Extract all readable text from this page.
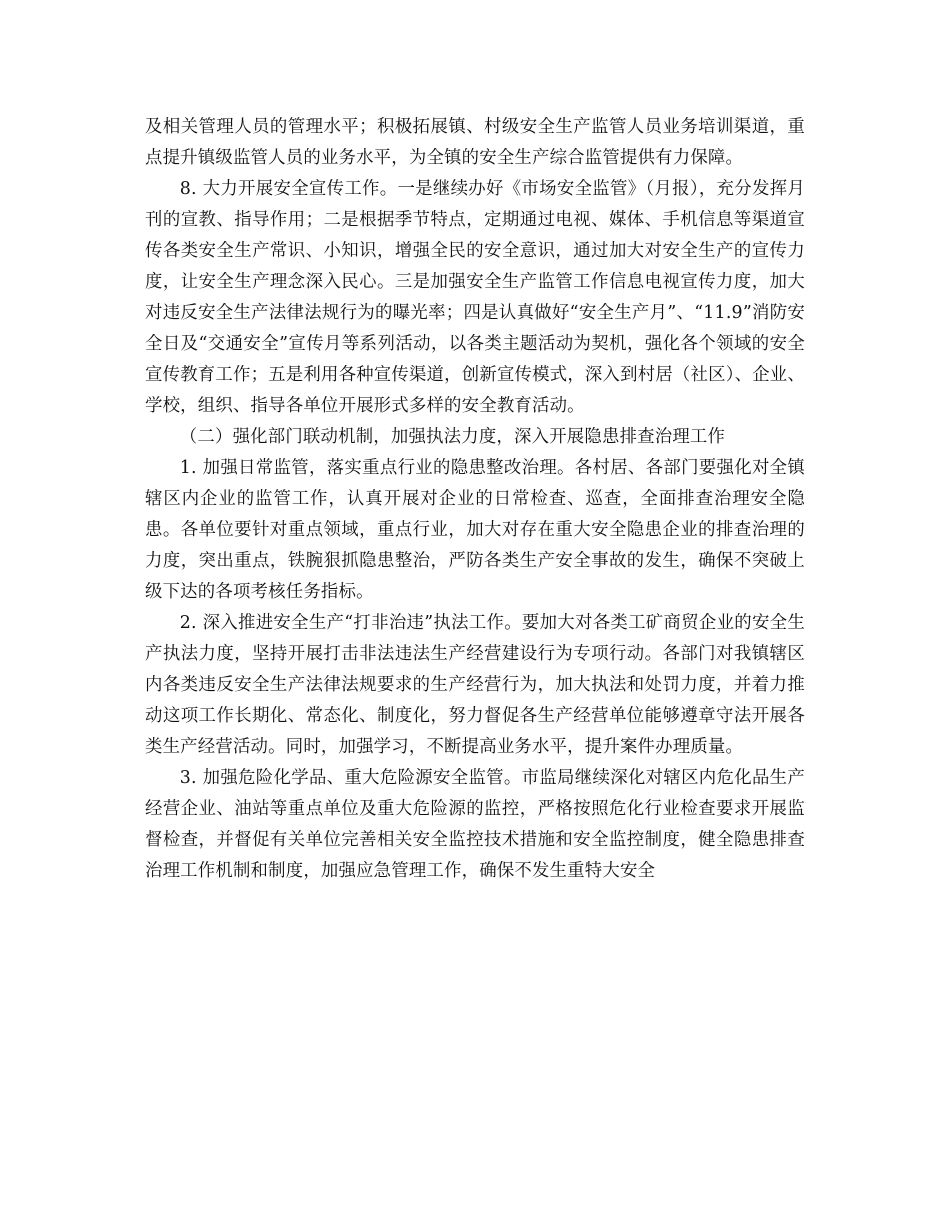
及相关管理人员的管理水平；积极拓展镇、村级安全生产监管人员业务培训渠道，重点提升镇级监管人员的业务水平，为全镇的安全生产综合监管提供有力保障。

8. 大力开展安全宣传工作。一是继续办好《市场安全监管》（月报），充分发挥月刊的宣教、指导作用；二是根据季节特点，定期通过电视、媒体、手机信息等渠道宣传各类安全生产常识、小知识，增强全民的安全意识，通过加大对安全生产的宣传力度，让安全生产理念深入民心。三是加强安全生产监管工作信息电视宣传力度，加大对违反安全生产法律法规行为的曝光率；四是认真做好“安全生产月”、“11.9”消防安全日及“交通安全”宣传月等系列活动，以各类主题活动为契机，强化各个领域的安全宣传教育工作；五是利用各种宣传渠道，创新宣传模式，深入到村居（社区）、企业、学校，组织、指导各单位开展形式多样的安全教育活动。

（二）强化部门联动机制，加强执法力度，深入开展隐患排查治理工作

1. 加强日常监管，落实重点行业的隐患整改治理。各村居、各部门要强化对全镇辖区内企业的监管工作，认真开展对企业的日常检查、巡查，全面排查治理安全隐患。各单位要针对重点领域，重点行业，加大对存在重大安全隐患企业的排查治理的力度，突出重点，铁腕狠抓隐患整治，严防各类生产安全事故的发生，确保不突破上级下达的各项考核任务指标。

2. 深入推进安全生产“打非治违”执法工作。要加大对各类工矿商贸企业的安全生产执法力度，坚持开展打击非法违法生产经营建设行为专项行动。各部门对我镇辖区内各类违反安全生产法律法规要求的生产经营行为，加大执法和处罚力度，并着力推动这项工作长期化、常态化、制度化，努力督促各生产经营单位能够遵章守法开展各类生产经营活动。同时，加强学习，不断提高业务水平，提升案件办理质量。

3. 加强危险化学品、重大危险源安全监管。市监局继续深化对辖区内危化品生产经营企业、油站等重点单位及重大危险源的监控，严格按照危化行业检查要求开展监督检查，并督促有关单位完善相关安全监控技术措施和安全监控制度，健全隐患排查治理工作机制和制度，加强应急管理工作，确保不发生重特大安全
